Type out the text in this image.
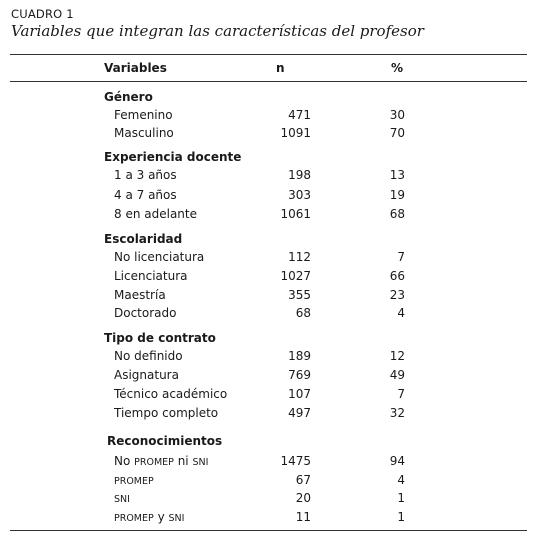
CUADRO 1
Variables que integran las características del profesor
Variables	n	%
Género
Femenino	471	30
Masculino	1091	70
Experiencia docente
1 a 3 años	198	13
4 a 7 años	303	19
8 en adelante	1061	68
Escolaridad
No licenciatura	112	7
Licenciatura	1027	66
Maestría	355	23
Doctorado	68	4
Tipo de contrato
No definido	189	12
Asignatura	769	49
Técnico académico	107	7
Tiempo completo	497	32
Reconocimientos
No PROMEP ni SNI	1475	94
PROMEP	67	4
SNI	20	1
PROMEP y SNI	11	1
